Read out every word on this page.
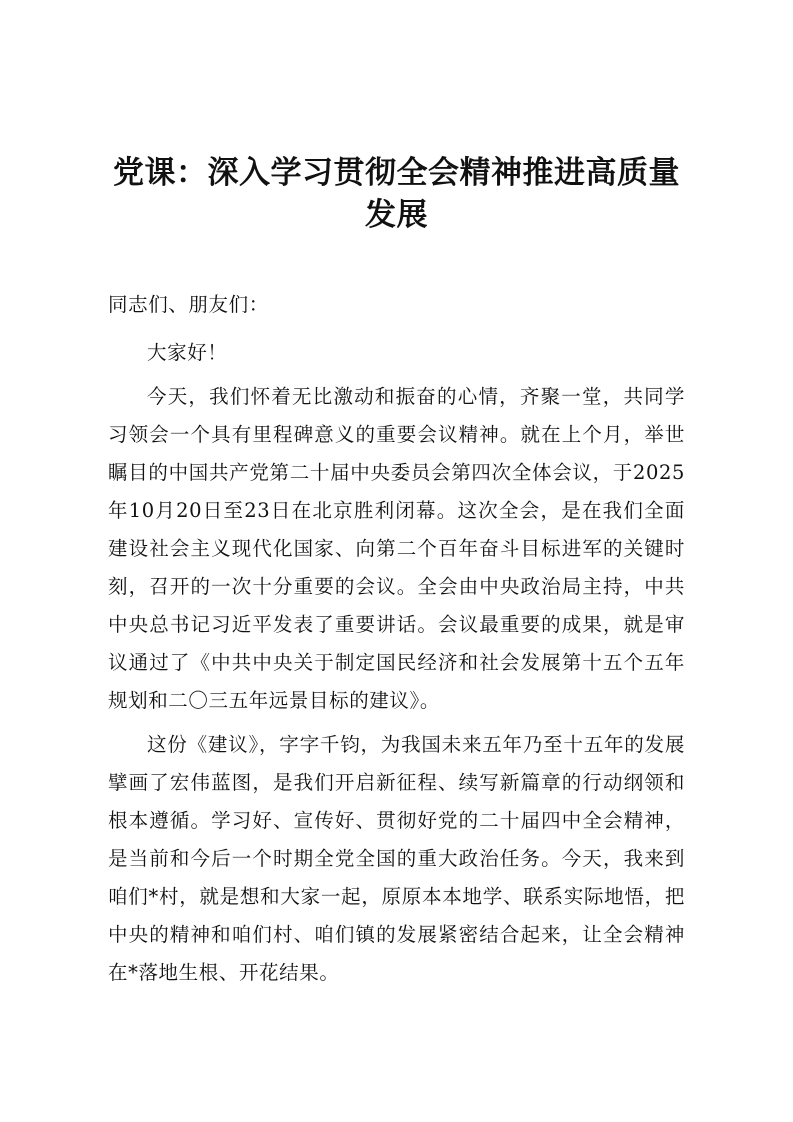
党课：深入学习贯彻全会精神推进高质量发展

同志们、朋友们：

大家好！

今天，我们怀着无比激动和振奋的心情，齐聚一堂，共同学习领会一个具有里程碑意义的重要会议精神。就在上个月，举世瞩目的中国共产党第二十届中央委员会第四次全体会议，于2025年10月20日至23日在北京胜利闭幕。这次全会，是在我们全面建设社会主义现代化国家、向第二个百年奋斗目标进军的关键时刻，召开的一次十分重要的会议。全会由中央政治局主持，中共中央总书记习近平发表了重要讲话。会议最重要的成果，就是审议通过了《中共中央关于制定国民经济和社会发展第十五个五年规划和二〇三五年远景目标的建议》。

这份《建议》，字字千钧，为我国未来五年乃至十五年的发展擘画了宏伟蓝图，是我们开启新征程、续写新篇章的行动纲领和根本遵循。学习好、宣传好、贯彻好党的二十届四中全会精神，是当前和今后一个时期全党全国的重大政治任务。今天，我来到咱们*村，就是想和大家一起，原原本本地学、联系实际地悟，把中央的精神和咱们村、咱们镇的发展紧密结合起来，让全会精神在*落地生根、开花结果。
